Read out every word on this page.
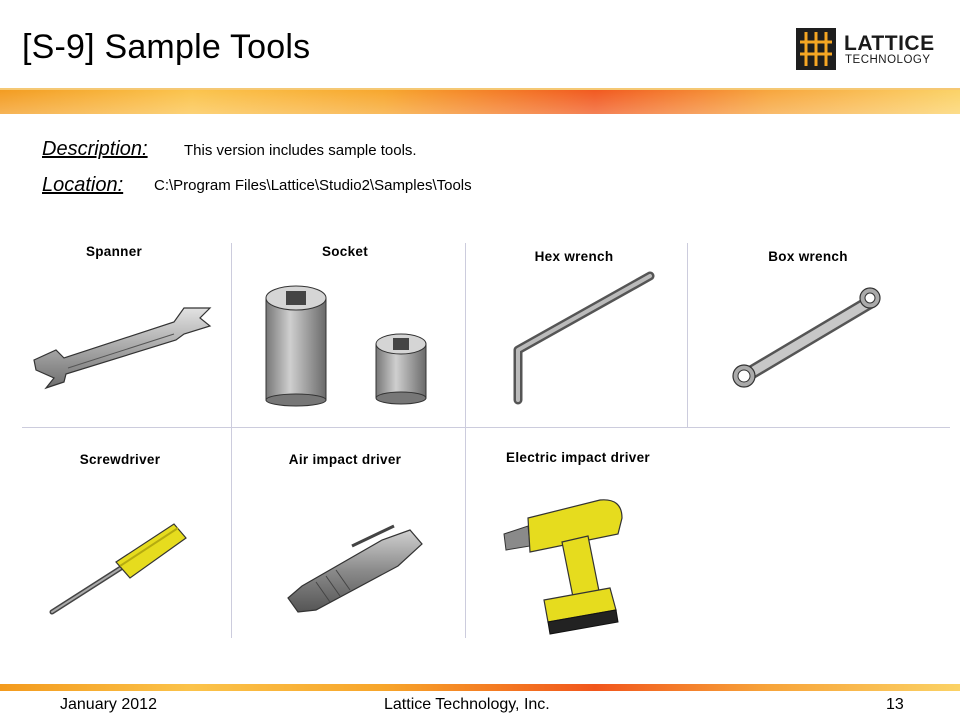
[S-9] Sample Tools	LATTICE
TECHNOLOGY
Description: This version includes sample tools.
Location: C:\Program Files\Lattice\Studio2\Samples\Tools
Spanner	Socket	Hex wrench	Box wrench
Screwdriver	Air impact driver	Electric impact driver
January 2012	Lattice Technology, Inc.	13
